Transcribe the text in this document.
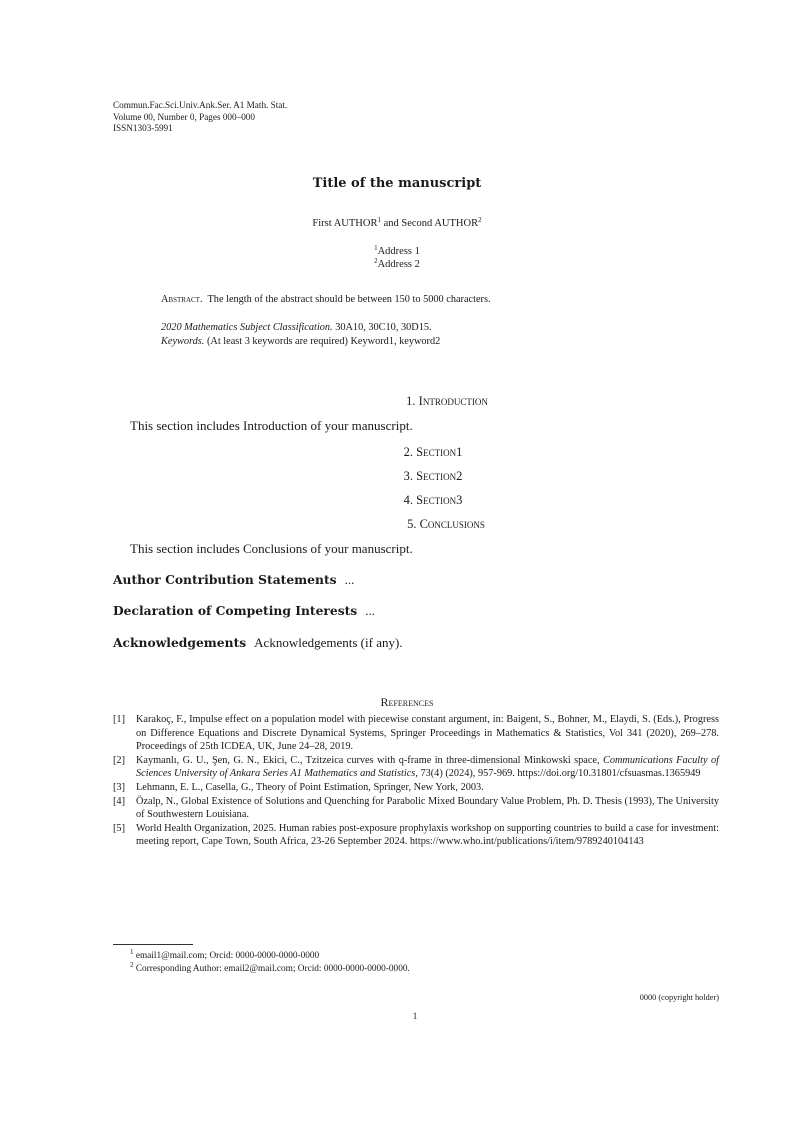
Commun.Fac.Sci.Univ.Ank.Ser. A1 Math. Stat.
Volume 00, Number 0, Pages 000–000
ISSN1303-5991
Title of the manuscript
First AUTHOR$^1$ and Second AUTHOR$^2$
$^1$Address 1
$^2$Address 2
Abstract. The length of the abstract should be between 150 to 5000 characters.
2020 Mathematics Subject Classification. 30A10, 30C10, 30D15.
Keywords. (At least 3 keywords are required) Keyword1, keyword2
1. Introduction
This section includes Introduction of your manuscript.
2. Section1
3. Section2
4. Section3
5. Conclusions
This section includes Conclusions of your manuscript.
Author Contribution Statements ...
Declaration of Competing Interests ...
Acknowledgements Acknowledgements (if any).
References
[1]	Karakoç, F., Impulse effect on a population model with piecewise constant argument, in: Baigent, S., Bohner, M., Elaydi, S. (Eds.), Progress on Difference Equations and Discrete Dynamical Systems, Springer Proceedings in Mathematics & Statistics, Vol 341 (2020), 269–278. Proceedings of 25th ICDEA, UK, June 24–28, 2019.
[2]	Kaymanlı, G. U., Şen, G. N., Ekici, C., Tzitzeica curves with q-frame in three-dimensional Minkowski space, Communications Faculty of Sciences University of Ankara Series A1 Mathematics and Statistics, 73(4) (2024), 957-969. https://doi.org/10.31801/cfsuasmas.1365949
[3]	Lehmann, E. L., Casella, G., Theory of Point Estimation, Springer, New York, 2003.
[4]	Özalp, N., Global Existence of Solutions and Quenching for Parabolic Mixed Boundary Value Problem, Ph. D. Thesis (1993), The University of Southwestern Louisiana.
[5]	World Health Organization, 2025. Human rabies post-exposure prophylaxis workshop on supporting countries to build a case for investment: meeting report, Cape Town, South Africa, 23-26 September 2024. https://www.who.int/publications/i/item/9789240104143
$^1$ email1@mail.com; Orcid: 0000-0000-0000-0000
$^2$ Corresponding Author: email2@mail.com; Orcid: 0000-0000-0000-0000.
0000 (copyright holder)
1
